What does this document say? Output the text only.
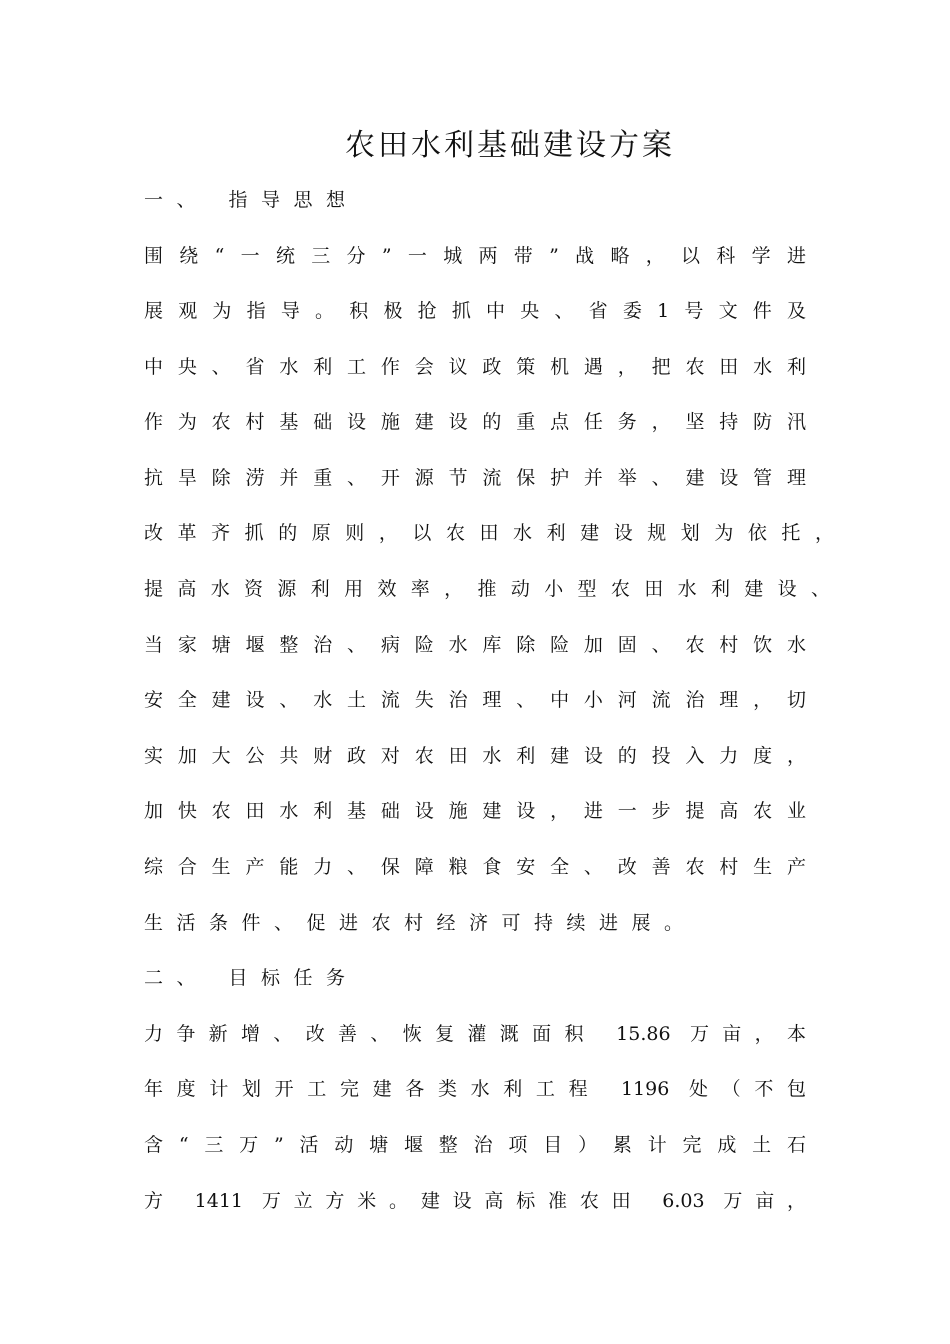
农田水利基础建设方案
一、 指导思想
围绕“一统三分”一城两带”战略，以科学进
展观为指导。积极抢抓中央、省委1号文件及
中央、省水利工作会议政策机遇，把农田水利
作为农村基础设施建设的重点任务，坚持防汛
抗旱除涝并重、开源节流保护并举、建设管理
改革齐抓的原则，以农田水利建设规划为依托，
提高水资源利用效率，推动小型农田水利建设、
当家塘堰整治、病险水库除险加固、农村饮水
安全建设、水土流失治理、中小河流治理，切
实加大公共财政对农田水利建设的投入力度，
加快农田水利基础设施建设，进一步提高农业
综合生产能力、保障粮食安全、改善农村生产
生活条件、促进农村经济可持续进展。
二、 目标任务
力争新增、改善、恢复灌溉面积 15.86 万亩，本
年度计划开工完建各类水利工程 1196 处（不包
含“三万”活动塘堰整治项目）累计完成土石
方 1411 万立方米。建设高标准农田 6.03 万亩，
